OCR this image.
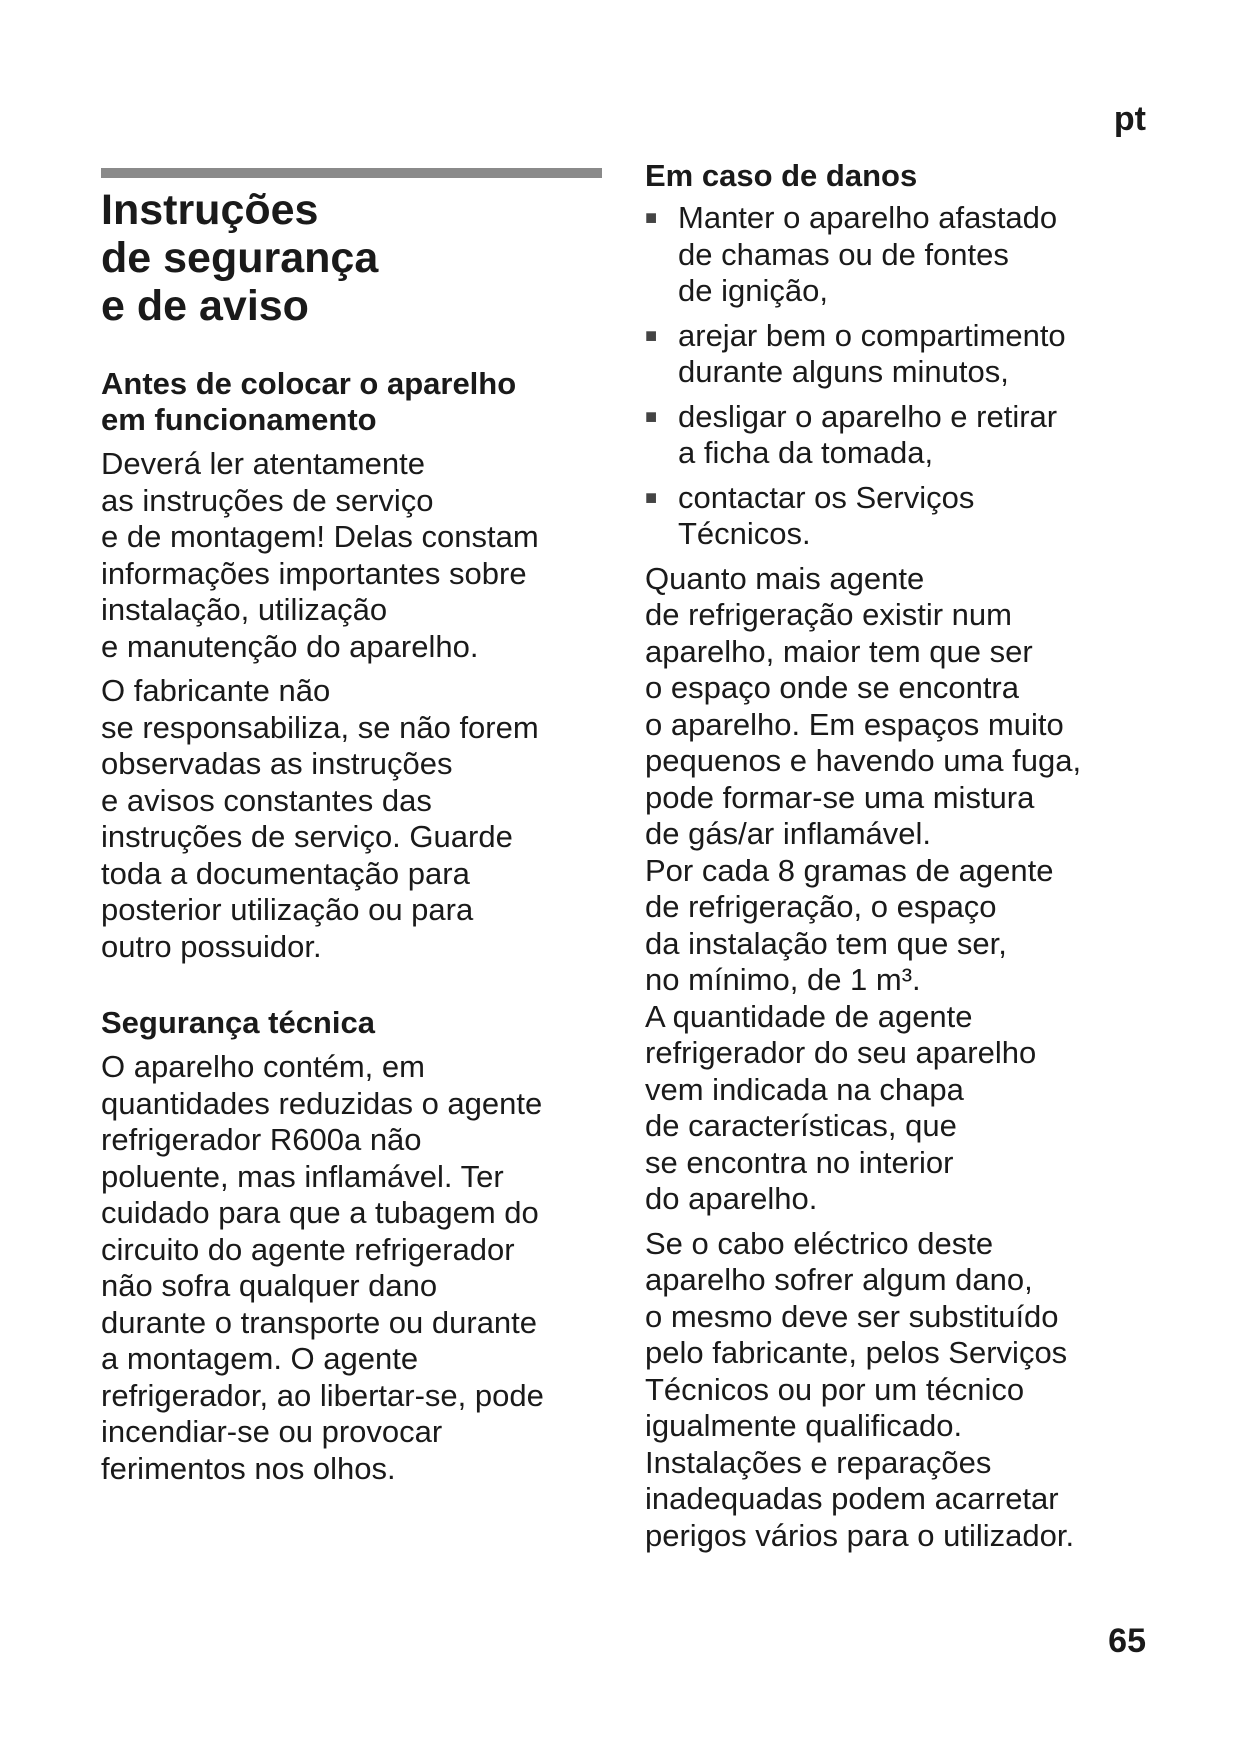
pt
Instruções
de segurança
e de aviso
Antes de colocar o aparelho
em funcionamento

Deverá ler atentamente
as instruções de serviço
e de montagem! Delas constam
informações importantes sobre
instalação, utilização
e manutenção do aparelho.

O fabricante não
se responsabiliza, se não forem
observadas as instruções
e avisos constantes das
instruções de serviço. Guarde
toda a documentação para
posterior utilização ou para
outro possuidor.

Segurança técnica

O aparelho contém, em
quantidades reduzidas o agente
refrigerador R600a não
poluente, mas inflamável. Ter
cuidado para que a tubagem do
circuito do agente refrigerador
não sofra qualquer dano
durante o transporte ou durante
a montagem. O agente
refrigerador, ao libertar-se, pode
incendiar-se ou provocar
ferimentos nos olhos.

Em caso de danos
■ Manter o aparelho afastado
de chamas ou de fontes
de ignição,
■ arejar bem o compartimento
durante alguns minutos,
■ desligar o aparelho e retirar
a ficha da tomada,
■ contactar os Serviços
Técnicos.

Quanto mais agente
de refrigeração existir num
aparelho, maior tem que ser
o espaço onde se encontra
o aparelho. Em espaços muito
pequenos e havendo uma fuga,
pode formar-se uma mistura
de gás/ar inflamável.
Por cada 8 gramas de agente
de refrigeração, o espaço
da instalação tem que ser,
no mínimo, de 1 m³.
A quantidade de agente
refrigerador do seu aparelho
vem indicada na chapa
de características, que
se encontra no interior
do aparelho.

Se o cabo eléctrico deste
aparelho sofrer algum dano,
o mesmo deve ser substituído
pelo fabricante, pelos Serviços
Técnicos ou por um técnico
igualmente qualificado.
Instalações e reparações
inadequadas podem acarretar
perigos vários para o utilizador.

65
